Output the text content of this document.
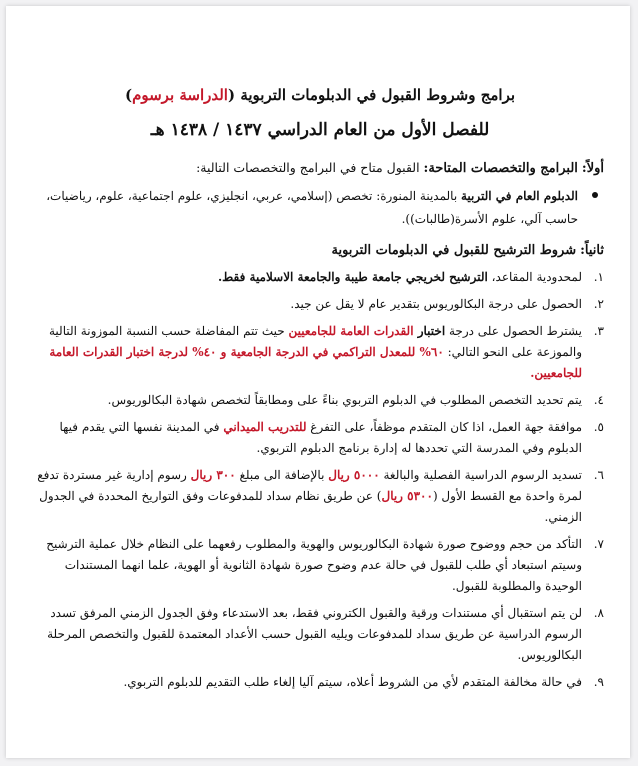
برامج وشروط القبول في الدبلومات التربوية (الدراسة برسوم)

للفصل الأول من العام الدراسي ١٤٣٧ / ١٤٣٨ هـ

أولاً: البرامج والتخصصات المتاحة: القبول متاح في البرامج والتخصصات التالية:
الدبلوم العام في التربية بالمدينة المنورة: تخصص (إسلامي، عربي، انجليزي، علوم اجتماعية، علوم، رياضيات، حاسب آلي، علوم الأسرة(طالبات)).
ثانياً: شروط الترشيح للقبول في الدبلومات التربوية
١.
لمحدودية المقاعد، الترشيح لخريجي جامعة طيبة والجامعة الاسلامية فقط.
٢.
الحصول على درجة البكالوريوس بتقدير عام لا يقل عن جيد.
٣.
يشترط الحصول على درجة اختبار القدرات العامة للجامعيين حيث تتم المفاضلة حسب النسبة الموزونة التالية والموزعة على النحو التالي: ٦٠% للمعدل التراكمي في الدرجة الجامعية و ٤٠% لدرجة اختبار القدرات العامة للجامعيين.
٤.
يتم تحديد التخصص المطلوب في الدبلوم التربوي بناءً على ومطابقاً لتخصص شهادة البكالوريوس.
٥.
موافقة جهة العمل، اذا كان المتقدم موظفاً، على التفرغ للتدريب الميداني في المدينة نفسها التي يقدم فيها الدبلوم وفي المدرسة التي تحددها له إدارة برنامج الدبلوم التربوي.
٦.
تسديد الرسوم الدراسية الفصلية والبالغة ٥٠٠٠ ريال بالإضافة الى مبلغ ٣٠٠ ريال رسوم إدارية غير مستردة تدفع لمرة واحدة مع القسط الأول (٥٣٠٠ ريال) عن طريق نظام سداد للمدفوعات وفق التواريخ المحددة في الجدول الزمني.
٧.
التأكد من حجم ووضوح صورة شهادة البكالوريوس والهوية والمطلوب رفعهما على النظام خلال عملية الترشيح وسيتم استبعاد أي طلب للقبول في حالة عدم وضوح صورة شهادة الثانوية أو الهوية، علما انهما المستندات الوحيدة والمطلوبة للقبول.
٨.
لن يتم استقبال أي مستندات ورقية والقبول الكتروني فقط، بعد الاستدعاء وفق الجدول الزمني المرفق تسدد الرسوم الدراسية عن طريق سداد للمدفوعات ويليه القبول حسب الأعداد المعتمدة للقبول والتخصص المرحلة البكالوريوس.
٩.
في حالة مخالفة المتقدم لأي من الشروط أعلاه، سيتم آليا إلغاء طلب التقديم للدبلوم التربوي.
